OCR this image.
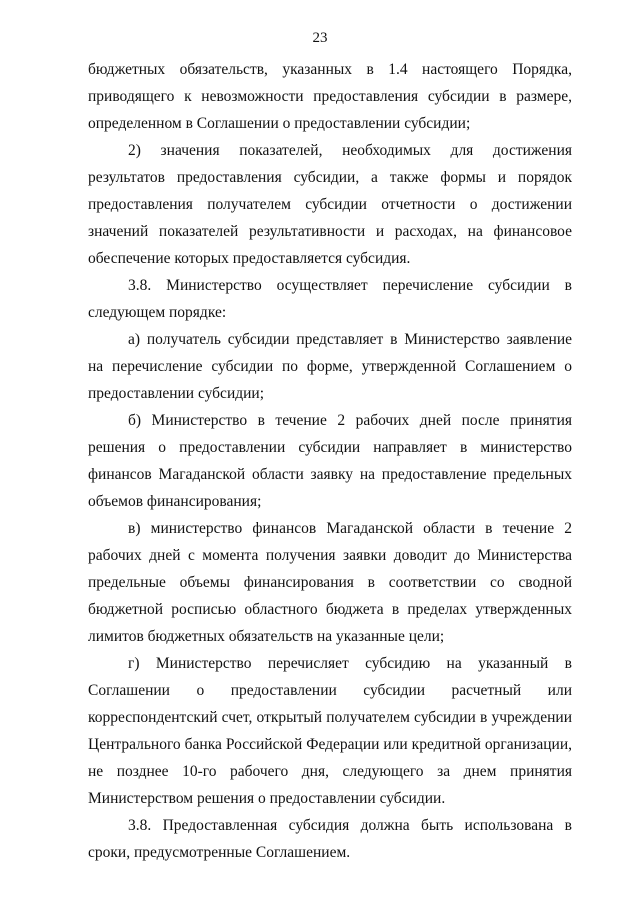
23

бюджетных обязательств, указанных в 1.4 настоящего Порядка, приводящего к невозможности предоставления субсидии в размере, определенном в Соглашении о предоставлении субсидии;

2) значения показателей, необходимых для достижения результатов предоставления субсидии, а также формы и порядок предоставления получателем субсидии отчетности о достижении значений показателей результативности и расходах, на финансовое обеспечение которых предоставляется субсидия.

3.8. Министерство осуществляет перечисление субсидии в следующем порядке:

а) получатель субсидии представляет в Министерство заявление на перечисление субсидии по форме, утвержденной Соглашением о предоставлении субсидии;

б) Министерство в течение 2 рабочих дней после принятия решения о предоставлении субсидии направляет в министерство финансов Магаданской области заявку на предоставление предельных объемов финансирования;

в) министерство финансов Магаданской области в течение 2 рабочих дней с момента получения заявки доводит до Министерства предельные объемы финансирования в соответствии со сводной бюджетной росписью областного бюджета в пределах утвержденных лимитов бюджетных обязательств на указанные цели;

г) Министерство перечисляет субсидию на указанный в Соглашении о предоставлении субсидии расчетный или корреспондентский счет, открытый получателем субсидии в учреждении Центрального банка Российской Федерации или кредитной организации, не позднее 10-го рабочего дня, следующего за днем принятия Министерством решения о предоставлении субсидии.

3.8. Предоставленная субсидия должна быть использована в сроки, предусмотренные Соглашением.
